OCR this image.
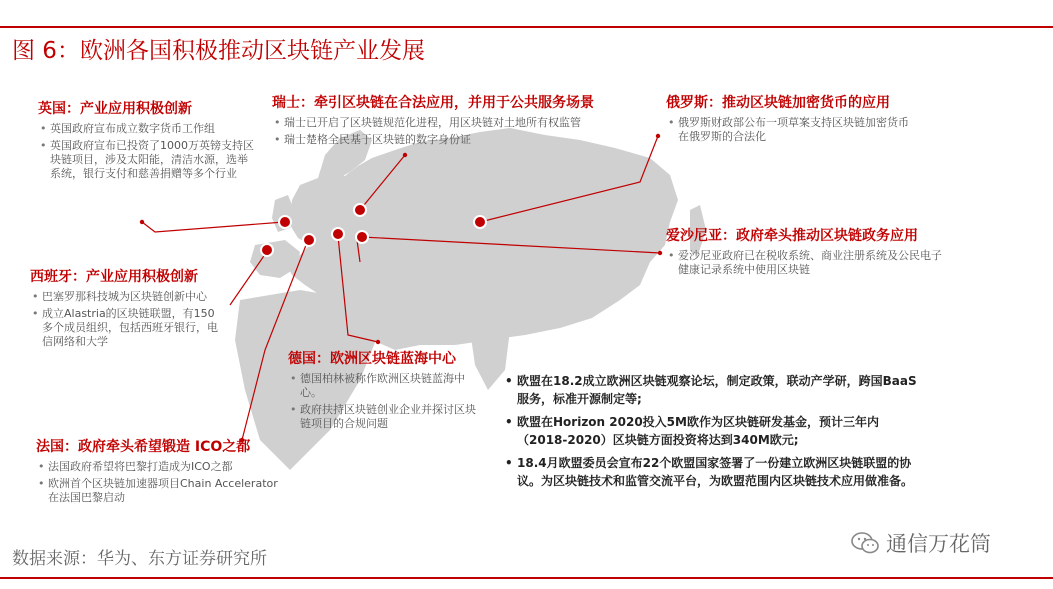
图 6：欧洲各国积极推动区块链产业发展
英国：产业应用积极创新
• 英国政府宣布成立数字货币工作组
• 英国政府宣布已投资了1000万英镑支持区块链项目，涉及太阳能，清洁水源，选举系统，银行支付和慈善捐赠等多个行业
瑞士：牵引区块链在合法应用，并用于公共服务场景
• 瑞士已开启了区块链规范化进程，用区块链对土地所有权监管
• 瑞士楚格全民基于区块链的数字身份证
俄罗斯：推动区块链加密货币的应用
• 俄罗斯财政部公布一项草案支持区块链加密货币在俄罗斯的合法化
爱沙尼亚：政府牵头推动区块链政务应用
• 爱沙尼亚政府已在税收系统、商业注册系统及公民电子健康记录系统中使用区块链
西班牙：产业应用积极创新
• 巴塞罗那科技城为区块链创新中心
• 成立Alastria的区块链联盟，有150多个成员组织，包括西班牙银行，电信网络和大学
德国：欧洲区块链蓝海中心
• 德国柏林被称作欧洲区块链蓝海中心。
• 政府扶持区块链创业企业并探讨区块链项目的合规问题
法国：政府牵头希望锻造 ICO之都
• 法国政府希望将巴黎打造成为ICO之都
• 欧洲首个区块链加速器项目Chain Accelerator在法国巴黎启动
• 欧盟在18.2成立欧洲区块链观察论坛，制定政策，联动产学研，跨国BaaS服务，标准开源制定等;
• 欧盟在Horizon 2020投入5M欧作为区块链研发基金，预计三年内（2018-2020）区块链方面投资将达到340M欧元;
• 18.4月欧盟委员会宣布22个欧盟国家签署了一份建立欧洲区块链联盟的协议。为区块链技术和监管交流平台，为欧盟范围内区块链技术应用做准备。
数据来源：华为、东方证券研究所
通信万花筒
